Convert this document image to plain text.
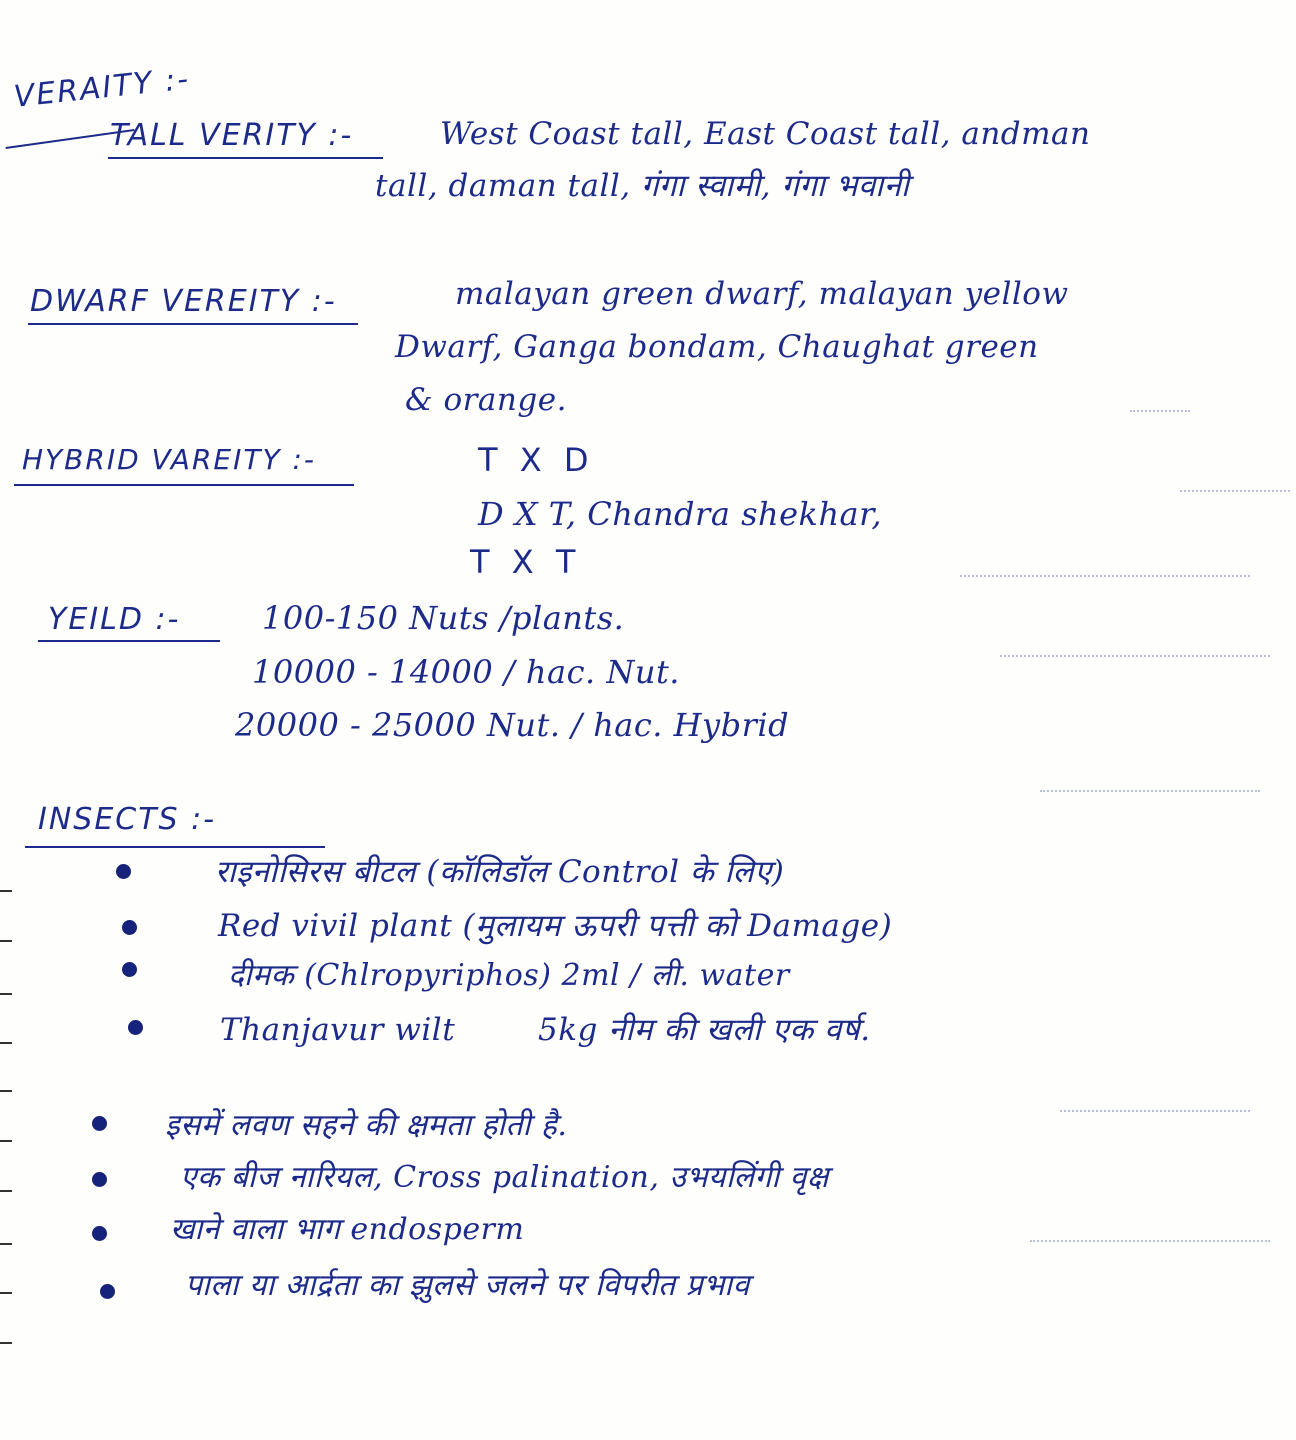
VERAITY :-
TALL VERITY :-	West Coast tall, East Coast tall, andman
tall, daman tall, गंगा स्वामी, गंगा भवानी
DWARF VEREITY :-	malayan green dwarf, malayan yellow
Dwarf, Ganga bondam, Chaughat green
& orange.
HYBRID VAREITY :-	T X D
D X T, Chandra shekhar,
T X T
YEILD :-	100-150 Nuts /plants.
10000 - 14000 / hac. Nut.
20000 - 25000 Nut. / hac. Hybrid
INSECTS :-
राइनोसिरस बीटल (कॉलिडॉल Control के लिए)
Red vivil plant (मुलायम ऊपरी पत्ती को Damage)
दीमक (Chlropyriphos) 2ml / ली. water
Thanjavur wilt        5kg नीम की खली एक वर्ष.
इसमें लवण सहने की क्षमता होती है.
एक बीज नारियल, Cross palination, उभयलिंगी वृक्ष
खाने वाला भाग endosperm
पाला या आर्द्रता का झुलसे जलने पर विपरीत प्रभाव
